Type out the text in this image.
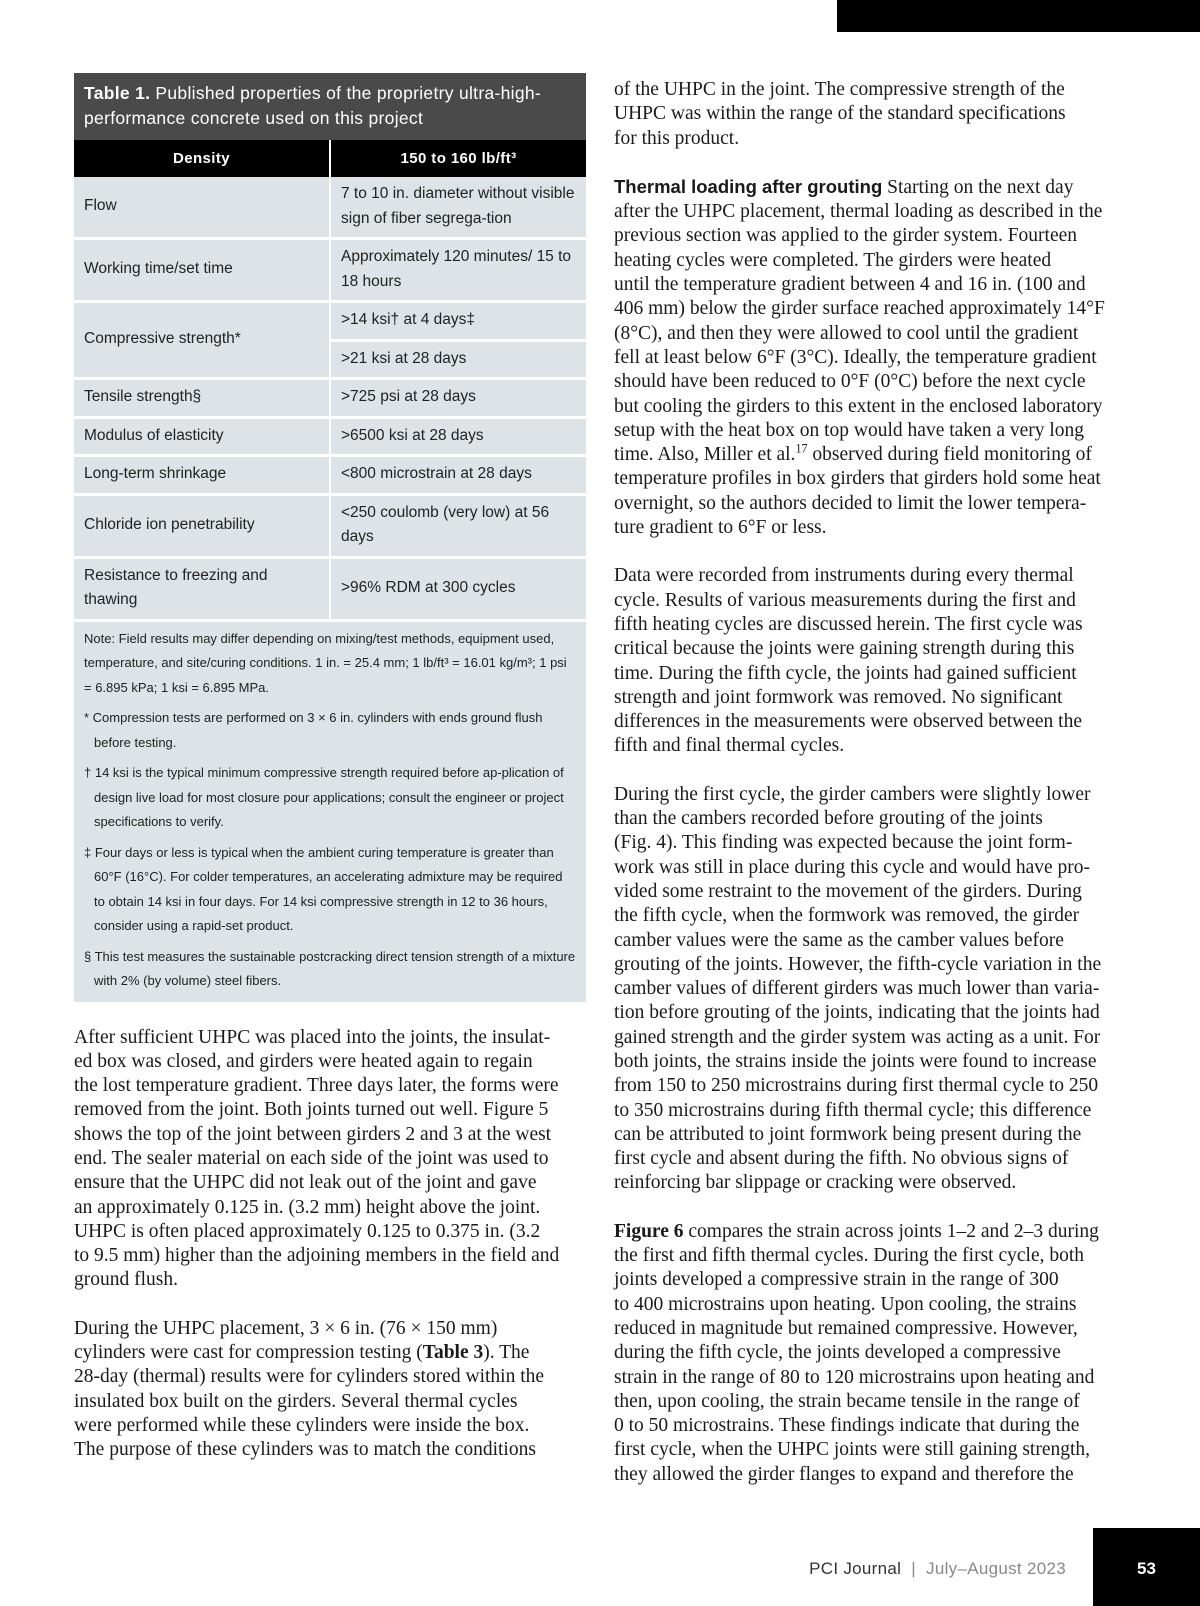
Table 1. Published properties of the proprietry ultra-high-performance concrete used on this project
Density	150 to 160 lb/ft³
Flow	7 to 10 in. diameter without visible sign of fiber segrega-tion
Working time/set time	Approximately 120 minutes/ 15 to 18 hours
Compressive strength*	>14 ksi† at 4 days‡
	>21 ksi at 28 days
Tensile strength§	>725 psi at 28 days
Modulus of elasticity	>6500 ksi at 28 days
Long-term shrinkage	<800 microstrain at 28 days
Chloride ion penetrability	<250 coulomb (very low) at 56 days
Resistance to freezing and thawing	>96% RDM at 300 cycles

Note: Field results may differ depending on mixing/test methods, equipment used, temperature, and site/curing conditions. 1 in. = 25.4 mm; 1 lb/ft³ = 16.01 kg/m³; 1 psi = 6.895 kPa; 1 ksi = 6.895 MPa.

* Compression tests are performed on 3 × 6 in. cylinders with ends ground flush before testing.

† 14 ksi is the typical minimum compressive strength required before ap-plication of design live load for most closure pour applications; consult the engineer or project specifications to verify.

‡ Four days or less is typical when the ambient curing temperature is greater than 60°F (16°C). For colder temperatures, an accelerating admixture may be required to obtain 14 ksi in four days. For 14 ksi compressive strength in 12 to 36 hours, consider using a rapid-set product.

§ This test measures the sustainable postcracking direct tension strength of a mixture with 2% (by volume) steel fibers.

After sufficient UHPC was placed into the joints, the insulat-

ed box was closed, and girders were heated again to regain

the lost temperature gradient. Three days later, the forms were

removed from the joint. Both joints turned out well. Figure 5

shows the top of the joint between girders 2 and 3 at the west

end. The sealer material on each side of the joint was used to

ensure that the UHPC did not leak out of the joint and gave

an approximately 0.125 in. (3.2 mm) height above the joint.

UHPC is often placed approximately 0.125 to 0.375 in. (3.2

to 9.5 mm) higher than the adjoining members in the field and

ground flush.

During the UHPC placement, 3 × 6 in. (76 × 150 mm)

cylinders were cast for compression testing (Table 3). The

28-day (thermal) results were for cylinders stored within the

insulated box built on the girders. Several thermal cycles

were performed while these cylinders were inside the box.

The purpose of these cylinders was to match the conditions

of the UHPC in the joint. The compressive strength of the

UHPC was within the range of the standard specifications

for this product.

Thermal loading after grouting Starting on the next day

after the UHPC placement, thermal loading as described in the

previous section was applied to the girder system. Fourteen

heating cycles were completed. The girders were heated

until the temperature gradient between 4 and 16 in. (100 and

406 mm) below the girder surface reached approximately 14°F

(8°C), and then they were allowed to cool until the gradient

fell at least below 6°F (3°C). Ideally, the temperature gradient

should have been reduced to 0°F (0°C) before the next cycle

but cooling the girders to this extent in the enclosed laboratory

setup with the heat box on top would have taken a very long

time. Also, Miller et al.$^{17}$ observed during field monitoring of

temperature profiles in box girders that girders hold some heat

overnight, so the authors decided to limit the lower tempera-

ture gradient to 6°F or less.

Data were recorded from instruments during every thermal

cycle. Results of various measurements during the first and

fifth heating cycles are discussed herein. The first cycle was

critical because the joints were gaining strength during this

time. During the fifth cycle, the joints had gained sufficient

strength and joint formwork was removed. No significant

differences in the measurements were observed between the

fifth and final thermal cycles.

During the first cycle, the girder cambers were slightly lower

than the cambers recorded before grouting of the joints

(Fig. 4). This finding was expected because the joint form-

work was still in place during this cycle and would have pro-

vided some restraint to the movement of the girders. During

the fifth cycle, when the formwork was removed, the girder

camber values were the same as the camber values before

grouting of the joints. However, the fifth-cycle variation in the

camber values of different girders was much lower than varia-

tion before grouting of the joints, indicating that the joints had

gained strength and the girder system was acting as a unit. For

both joints, the strains inside the joints were found to increase

from 150 to 250 microstrains during first thermal cycle to 250

to 350 microstrains during fifth thermal cycle; this difference

can be attributed to joint formwork being present during the

first cycle and absent during the fifth. No obvious signs of

reinforcing bar slippage or cracking were observed.

Figure 6 compares the strain across joints 1–2 and 2–3 during

the first and fifth thermal cycles. During the first cycle, both

joints developed a compressive strain in the range of 300

to 400 microstrains upon heating. Upon cooling, the strains

reduced in magnitude but remained compressive. However,

during the fifth cycle, the joints developed a compressive

strain in the range of 80 to 120 microstrains upon heating and

then, upon cooling, the strain became tensile in the range of

0 to 50 microstrains. These findings indicate that during the

first cycle, when the UHPC joints were still gaining strength,

they allowed the girder flanges to expand and therefore the

PCI Journal  |  July–August 2023	53
